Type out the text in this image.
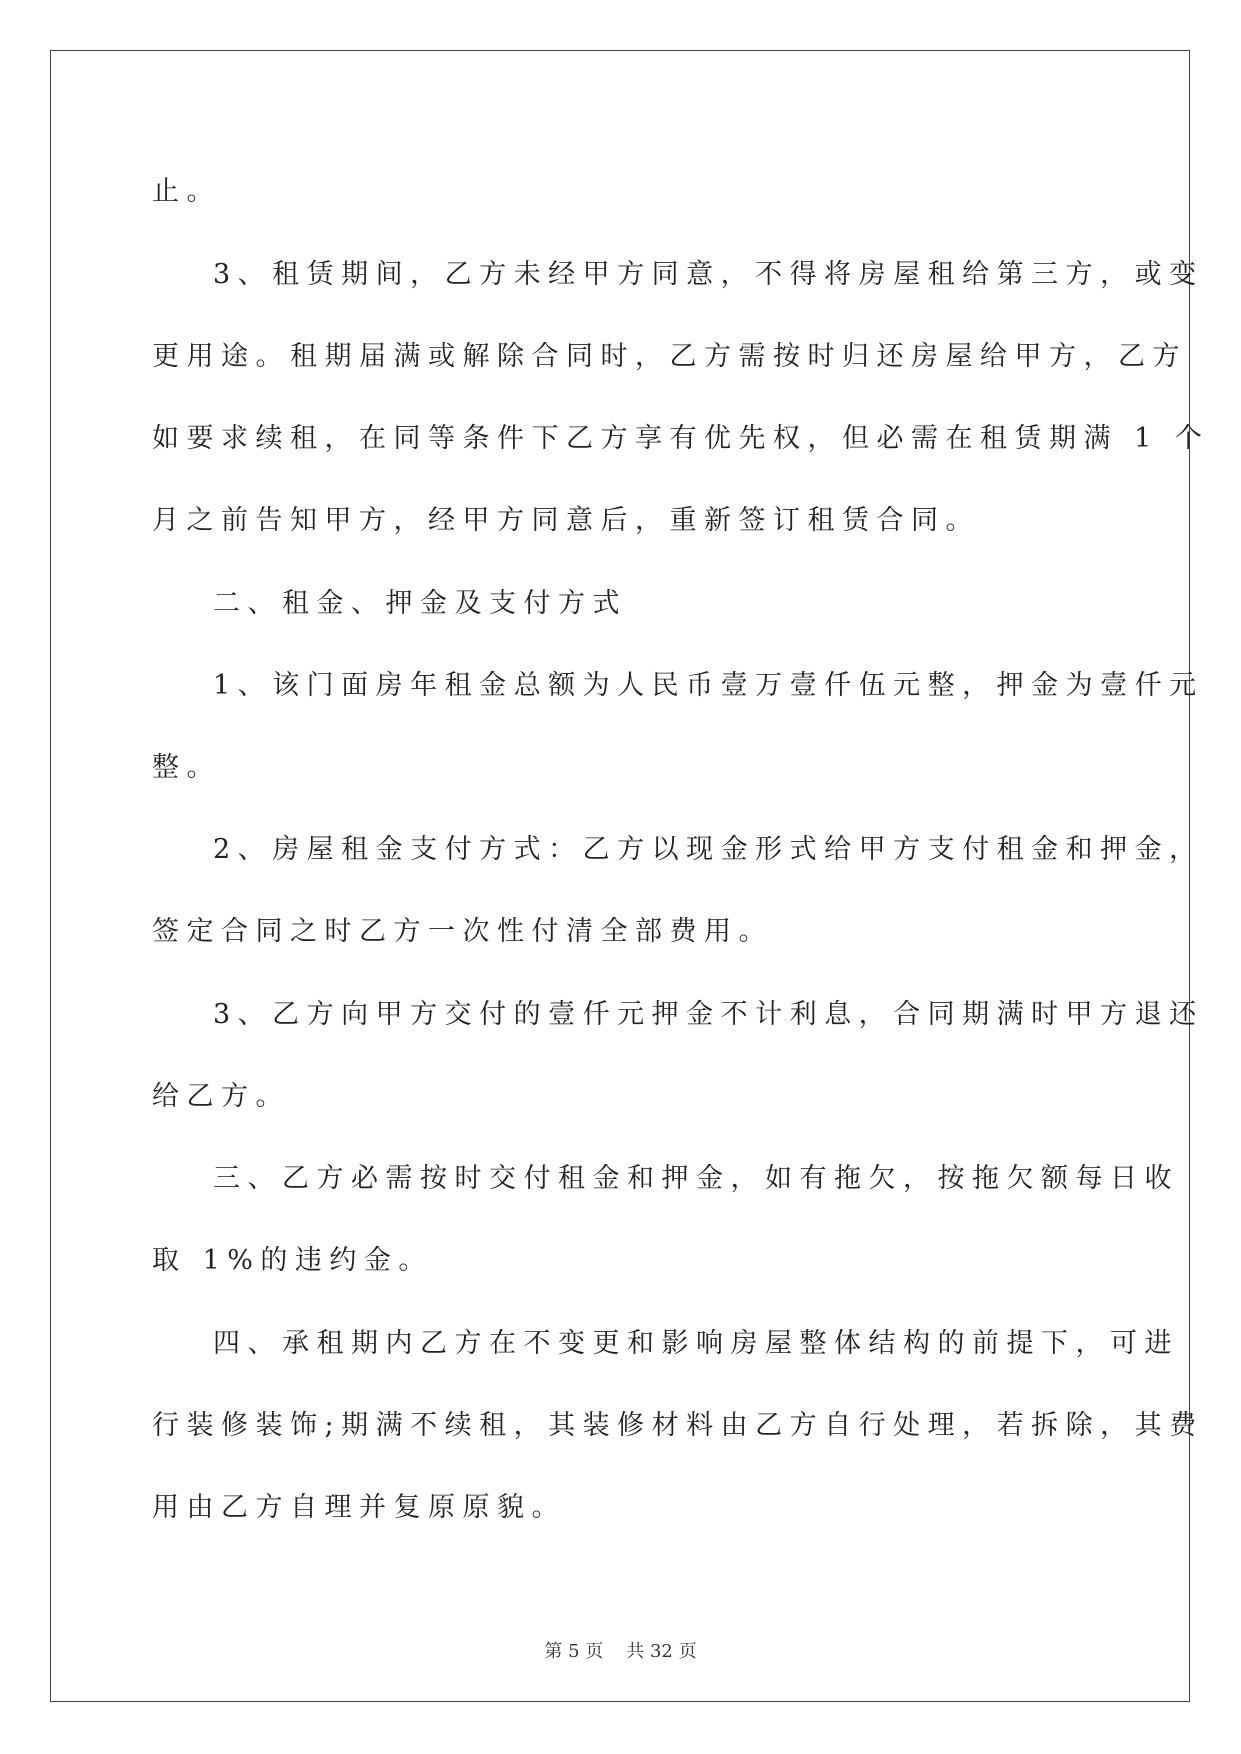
止。
3、租赁期间，乙方未经甲方同意，不得将房屋租给第三方，或变
更用途。租期届满或解除合同时，乙方需按时归还房屋给甲方，乙方
如要求续租，在同等条件下乙方享有优先权，但必需在租赁期满 1 个
月之前告知甲方，经甲方同意后，重新签订租赁合同。
二、租金、押金及支付方式
1、该门面房年租金总额为人民币壹万壹仟伍元整，押金为壹仟元
整。
2、房屋租金支付方式：乙方以现金形式给甲方支付租金和押金，
签定合同之时乙方一次性付清全部费用。
3、乙方向甲方交付的壹仟元押金不计利息，合同期满时甲方退还
给乙方。
三、乙方必需按时交付租金和押金，如有拖欠，按拖欠额每日收
取 1%的违约金。
四、承租期内乙方在不变更和影响房屋整体结构的前提下，可进
行装修装饰;期满不续租，其装修材料由乙方自行处理，若拆除，其费
用由乙方自理并复原原貌。
第 5 页 共 32 页
